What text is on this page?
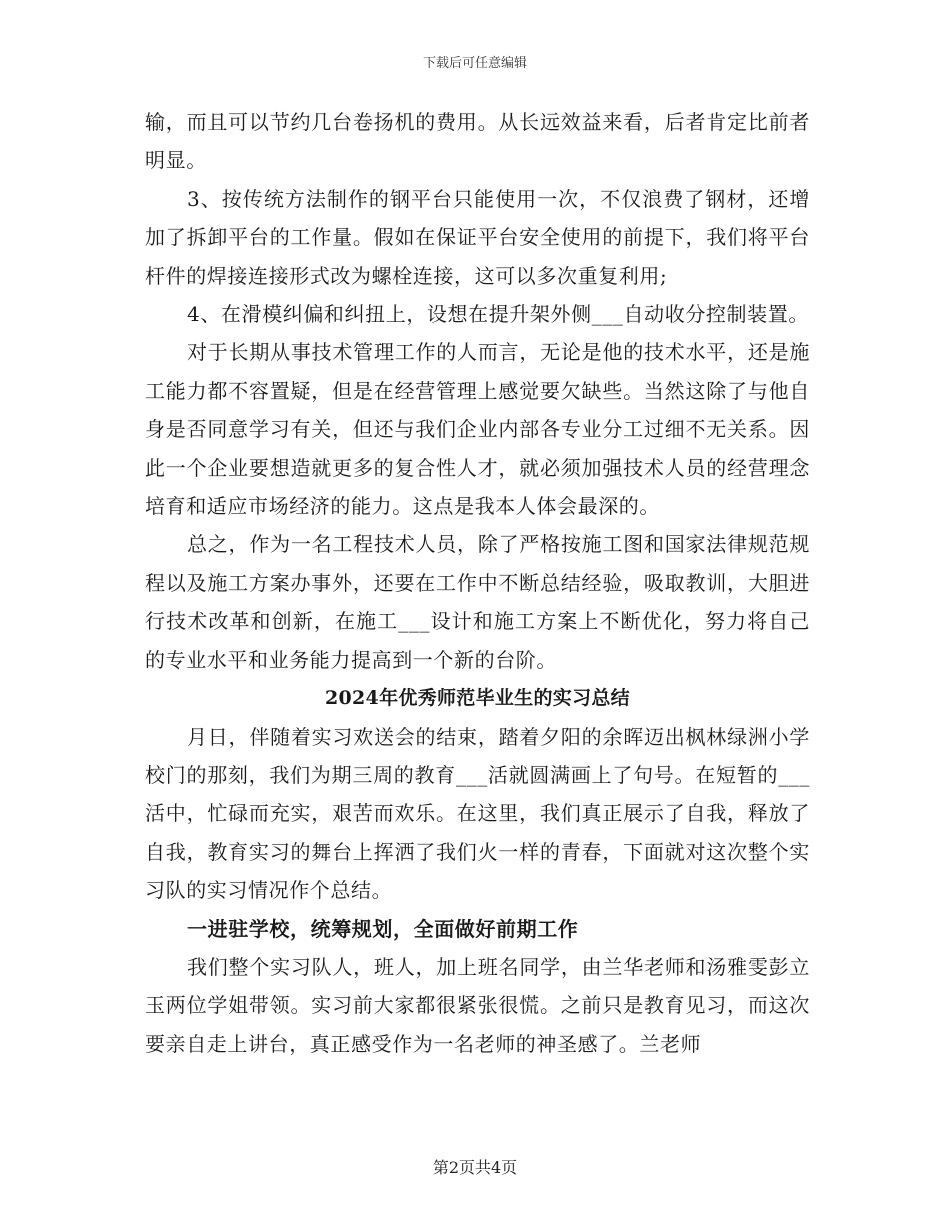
下载后可任意编辑

输，而且可以节约几台卷扬机的费用。从长远效益来看，后者肯定比前者明显。

3、按传统方法制作的钢平台只能使用一次，不仅浪费了钢材，还增加了拆卸平台的工作量。假如在保证平台安全使用的前提下，我们将平台杆件的焊接连接形式改为螺栓连接，这可以多次重复利用;

4、在滑模纠偏和纠扭上，设想在提升架外侧___自动收分控制装置。

对于长期从事技术管理工作的人而言，无论是他的技术水平，还是施工能力都不容置疑，但是在经营管理上感觉要欠缺些。当然这除了与他自身是否同意学习有关，但还与我们企业内部各专业分工过细不无关系。因此一个企业要想造就更多的复合性人才，就必须加强技术人员的经营理念培育和适应市场经济的能力。这点是我本人体会最深的。

总之，作为一名工程技术人员，除了严格按施工图和国家法律规范规程以及施工方案办事外，还要在工作中不断总结经验，吸取教训，大胆进行技术改革和创新，在施工___设计和施工方案上不断优化，努力将自己的专业水平和业务能力提高到一个新的台阶。

2024年优秀师范毕业生的实习总结

月日，伴随着实习欢送会的结束，踏着夕阳的余晖迈出枫林绿洲小学校门的那刻，我们为期三周的教育___活就圆满画上了句号。在短暂的___活中，忙碌而充实，艰苦而欢乐。在这里，我们真正展示了自我，释放了自我，教育实习的舞台上挥洒了我们火一样的青春，下面就对这次整个实习队的实习情况作个总结。

一进驻学校，统筹规划，全面做好前期工作

我们整个实习队人，班人，加上班名同学，由兰华老师和汤雅雯彭立玉两位学姐带领。实习前大家都很紧张很慌。之前只是教育见习，而这次要亲自走上讲台，真正感受作为一名老师的神圣感了。兰老师

第2页共4页
